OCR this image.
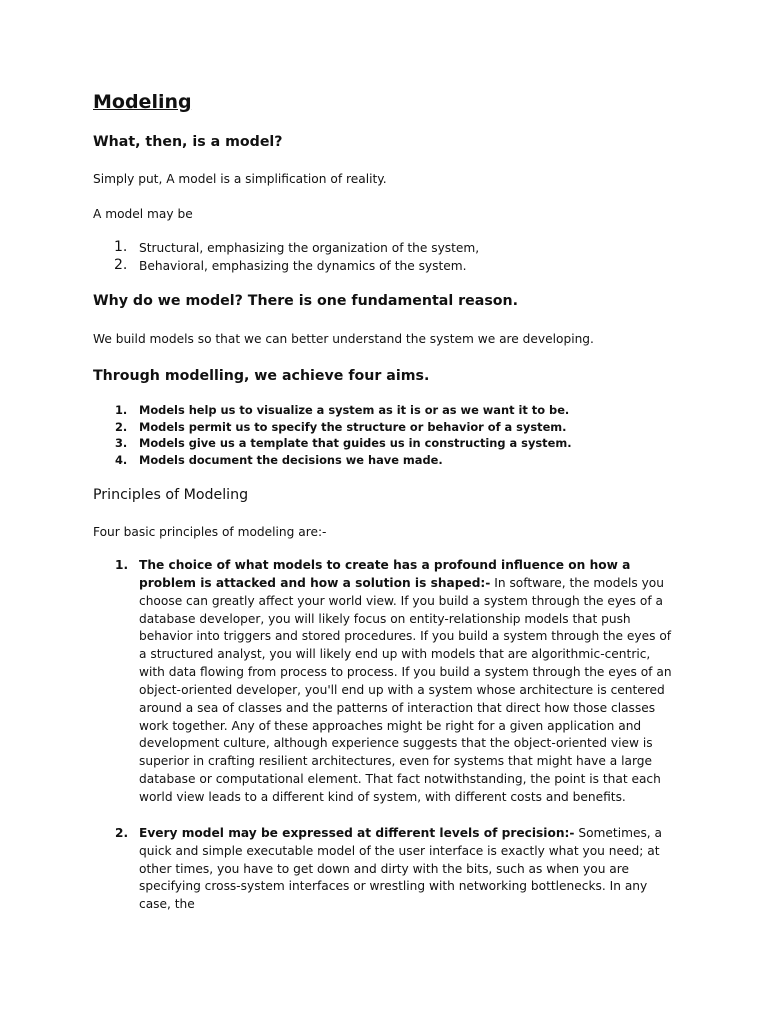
Modeling
What, then, is a model?

Simply put, A model is a simplification of reality.

A model may be

1. Structural, emphasizing the organization of the system,
2. Behavioral, emphasizing the dynamics of the system.
Why do we model? There is one fundamental reason.

We build models so that we can better understand the system we are developing.

Through modelling, we achieve four aims.
1. Models help us to visualize a system as it is or as we want it to be.
2. Models permit us to specify the structure or behavior of a system.
3. Models give us a template that guides us in constructing a system.
4. Models document the decisions we have made.
Principles of Modeling

Four basic principles of modeling are:-

1. The choice of what models to create has a profound influence on how a problem is attacked and how a solution is shaped:- In software, the models you choose can greatly affect your world view. If you build a system through the eyes of a database developer, you will likely focus on entity-relationship models that push behavior into triggers and stored procedures. If you build a system through the eyes of a structured analyst, you will likely end up with models that are algorithmic-centric, with data flowing from process to process. If you build a system through the eyes of an object-oriented developer, you'll end up with a system whose architecture is centered around a sea of classes and the patterns of interaction that direct how those classes work together. Any of these approaches might be right for a given application and development culture, although experience suggests that the object-oriented view is superior in crafting resilient architectures, even for systems that might have a large database or computational element. That fact notwithstanding, the point is that each world view leads to a different kind of system, with different costs and benefits.
2. Every model may be expressed at different levels of precision:- Sometimes, a quick and simple executable model of the user interface is exactly what you need; at other times, you have to get down and dirty with the bits, such as when you are specifying cross-system interfaces or wrestling with networking bottlenecks. In any case, the
